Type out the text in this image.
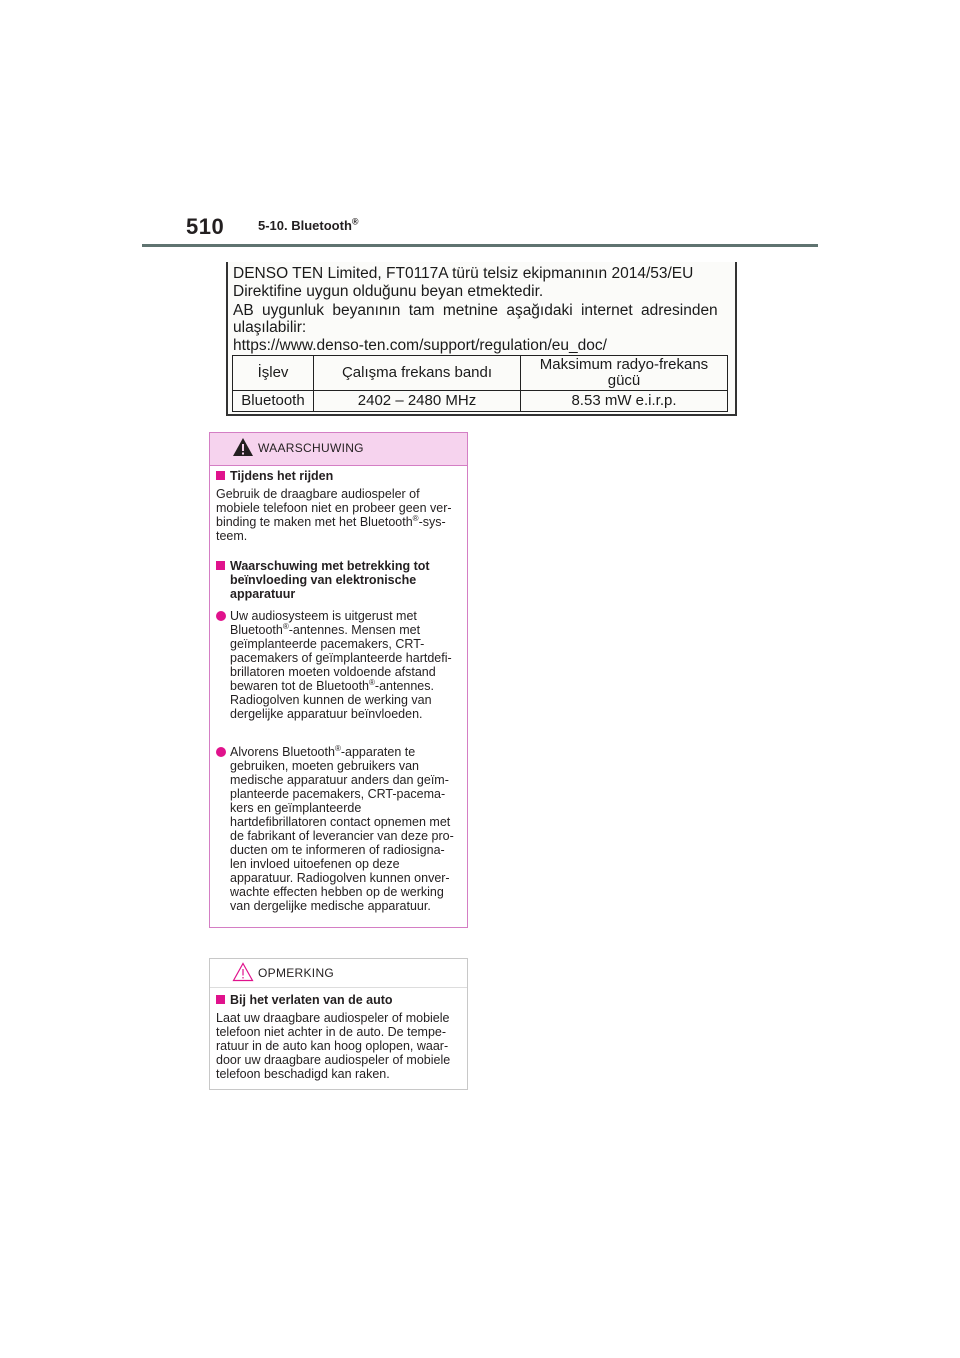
510	5-10. Bluetooth®

DENSO TEN Limited, FT0117A türü telsiz ekipmanının 2014/53/EU

Direktifine uygun olduğunu beyan etmektedir.

AB uygunluk beyanının tam metnine aşağıdaki internet adresinden

ulaşılabilir:

https://www.denso-ten.com/support/regulation/eu_doc/

İşlev	Çalışma frekans bandı	Maksimum radyo-frekans
gücü
Bluetooth	2402 – 2480 MHz	8.53 mW e.i.r.p.
WAARSCHUWING
Tijdens het rijden
Gebruik de draagbare audiospeler of
mobiele telefoon niet en probeer geen ver-
binding te maken met het Bluetooth®-sys-
teem.
Waarschuwing met betrekking tot
beïnvloeding van elektronische
apparatuur
Uw audiosysteem is uitgerust met
Bluetooth®-antennes. Mensen met
geïmplanteerde pacemakers, CRT-
pacemakers of geïmplanteerde hartdefi-
brillatoren moeten voldoende afstand
bewaren tot de Bluetooth®-antennes.
Radiogolven kunnen de werking van
dergelijke apparatuur beïnvloeden.
Alvorens Bluetooth®-apparaten te
gebruiken, moeten gebruikers van
medische apparatuur anders dan geïm-
planteerde pacemakers, CRT-pacema-
kers en geïmplanteerde
hartdefibrillatoren contact opnemen met
de fabrikant of leverancier van deze pro-
ducten om te informeren of radiosigna-
len invloed uitoefenen op deze
apparatuur. Radiogolven kunnen onver-
wachte effecten hebben op de werking
van dergelijke medische apparatuur.
OPMERKING
Bij het verlaten van de auto
Laat uw draagbare audiospeler of mobiele
telefoon niet achter in de auto. De tempe-
ratuur in de auto kan hoog oplopen, waar-
door uw draagbare audiospeler of mobiele
telefoon beschadigd kan raken.
